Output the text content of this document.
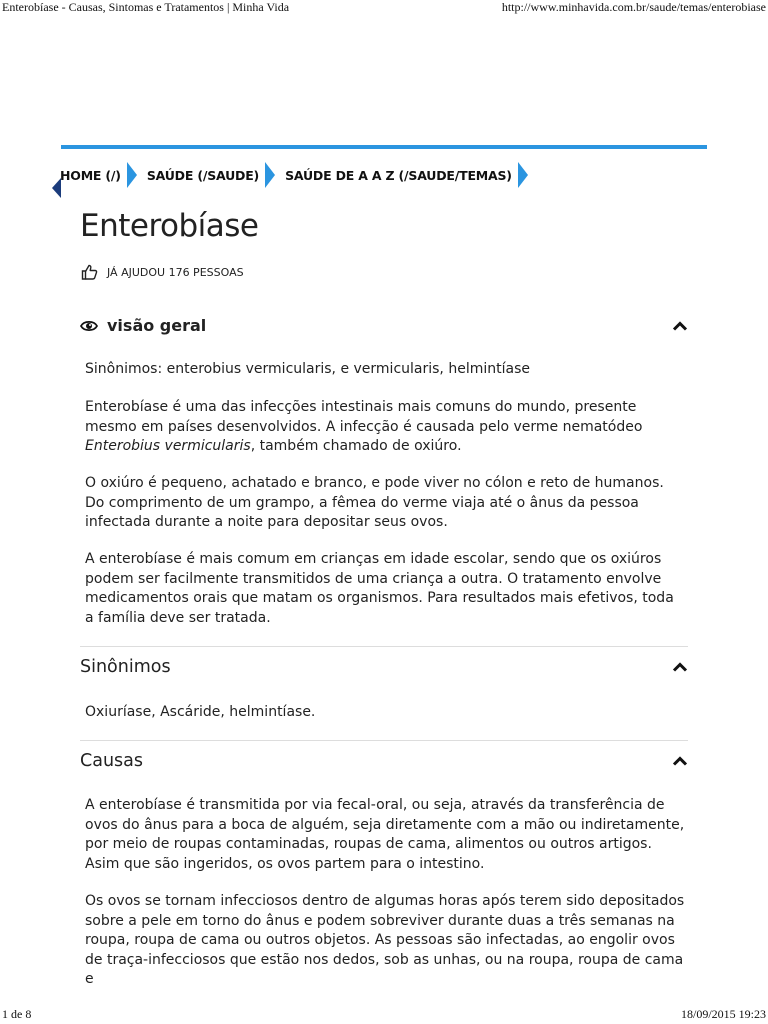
Enterobíase - Causas, Sintomas e Tratamentos | Minha Vida	http://www.minhavida.com.br/saude/temas/enterobiase
HOME (/) SAÚDE (/SAUDE) SAÚDE DE A A Z (/SAUDE/TEMAS)
Enterobíase
JÁ AJUDOU 176 PESSOAS
visão geral

Sinônimos: enterobius vermicularis, e vermicularis, helmintíase

Enterobíase é uma das infecções intestinais mais comuns do mundo, presente mesmo em países desenvolvidos. A infecção é causada pelo verme nematódeo Enterobius vermicularis, também chamado de oxiúro.

O oxiúro é pequeno, achatado e branco, e pode viver no cólon e reto de humanos. Do comprimento de um grampo, a fêmea do verme viaja até o ânus da pessoa infectada durante a noite para depositar seus ovos.

A enterobíase é mais comum em crianças em idade escolar, sendo que os oxiúros podem ser facilmente transmitidos de uma criança a outra. O tratamento envolve medicamentos orais que matam os organismos. Para resultados mais efetivos, toda a família deve ser tratada.

Sinônimos

Oxiuríase, Ascáride, helmintíase.

Causas

A enterobíase é transmitida por via fecal-oral, ou seja, através da transferência de ovos do ânus para a boca de alguém, seja diretamente com a mão ou indiretamente, por meio de roupas contaminadas, roupas de cama, alimentos ou outros artigos. Asim que são ingeridos, os ovos partem para o intestino.

Os ovos se tornam infecciosos dentro de algumas horas após terem sido depositados sobre a pele em torno do ânus e podem sobreviver durante duas a três semanas na roupa, roupa de cama ou outros objetos. As pessoas são infectadas, ao engolir ovos de traça-infecciosos que estão nos dedos, sob as unhas, ou na roupa, roupa de cama e

1 de 8	18/09/2015 19:23
